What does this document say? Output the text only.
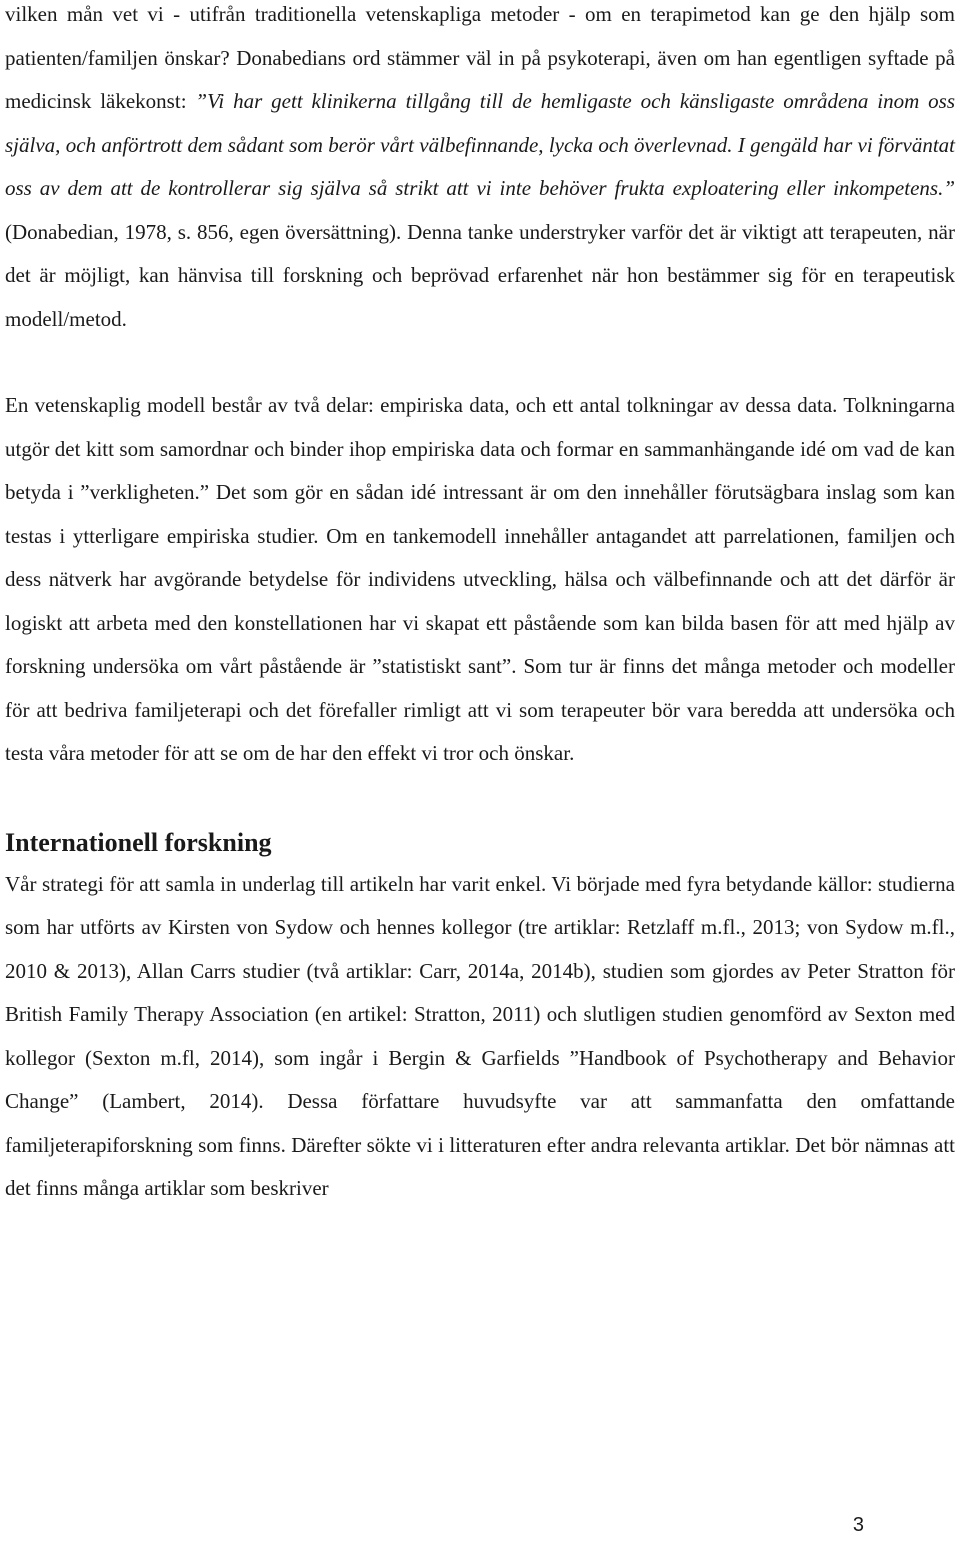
vilken mån vet vi - utifrån traditionella vetenskapliga metoder - om en terapimetod kan ge den hjälp som patienten/familjen önskar? Donabedians ord stämmer väl in på psykoterapi, även om han egentligen syftade på medicinsk läkekonst: ”Vi har gett klinikerna tillgång till de hemligaste och känsligaste områdena inom oss själva, och anförtrott dem sådant som berör vårt välbefinnande, lycka och överlevnad. I gengäld har vi förväntat oss av dem att de kontrollerar sig själva så strikt att vi inte behöver frukta exploatering eller inkompetens.” (Donabedian, 1978, s. 856, egen översättning). Denna tanke understryker varför det är viktigt att terapeuten, när det är möjligt, kan hänvisa till forskning och beprövad erfarenhet när hon bestämmer sig för en terapeutisk modell/metod.

En vetenskaplig modell består av två delar: empiriska data, och ett antal tolkningar av dessa data. Tolkningarna utgör det kitt som samordnar och binder ihop empiriska data och formar en sammanhängande idé om vad de kan betyda i ”verkligheten.” Det som gör en sådan idé intressant är om den innehåller förutsägbara inslag som kan testas i ytterligare empiriska studier. Om en tankemodell innehåller antagandet att parrelationen, familjen och dess nätverk har avgörande betydelse för individens utveckling, hälsa och välbefinnande och att det därför är logiskt att arbeta med den konstellationen har vi skapat ett påstående som kan bilda basen för att med hjälp av forskning undersöka om vårt påstående är ”statistiskt sant”. Som tur är finns det många metoder och modeller för att bedriva familjeterapi och det förefaller rimligt att vi som terapeuter bör vara beredda att undersöka och testa våra metoder för att se om de har den effekt vi tror och önskar.

Internationell forskning

Vår strategi för att samla in underlag till artikeln har varit enkel. Vi började med fyra betydande källor: studierna som har utförts av Kirsten von Sydow och hennes kollegor (tre artiklar: Retzlaff m.fl., 2013; von Sydow m.fl., 2010 & 2013), Allan Carrs studier (två artiklar: Carr, 2014a, 2014b), studien som gjordes av Peter Stratton för British Family Therapy Association (en artikel: Stratton, 2011) och slutligen studien genomförd av Sexton med kollegor (Sexton m.fl, 2014), som ingår i Bergin & Garfields ”Handbook of Psychotherapy and Behavior Change” (Lambert, 2014). Dessa författare huvudsyfte var att sammanfatta den omfattande familjeterapiforskning som finns. Därefter sökte vi i litteraturen efter andra relevanta artiklar. Det bör nämnas att det finns många artiklar som beskriver

3
